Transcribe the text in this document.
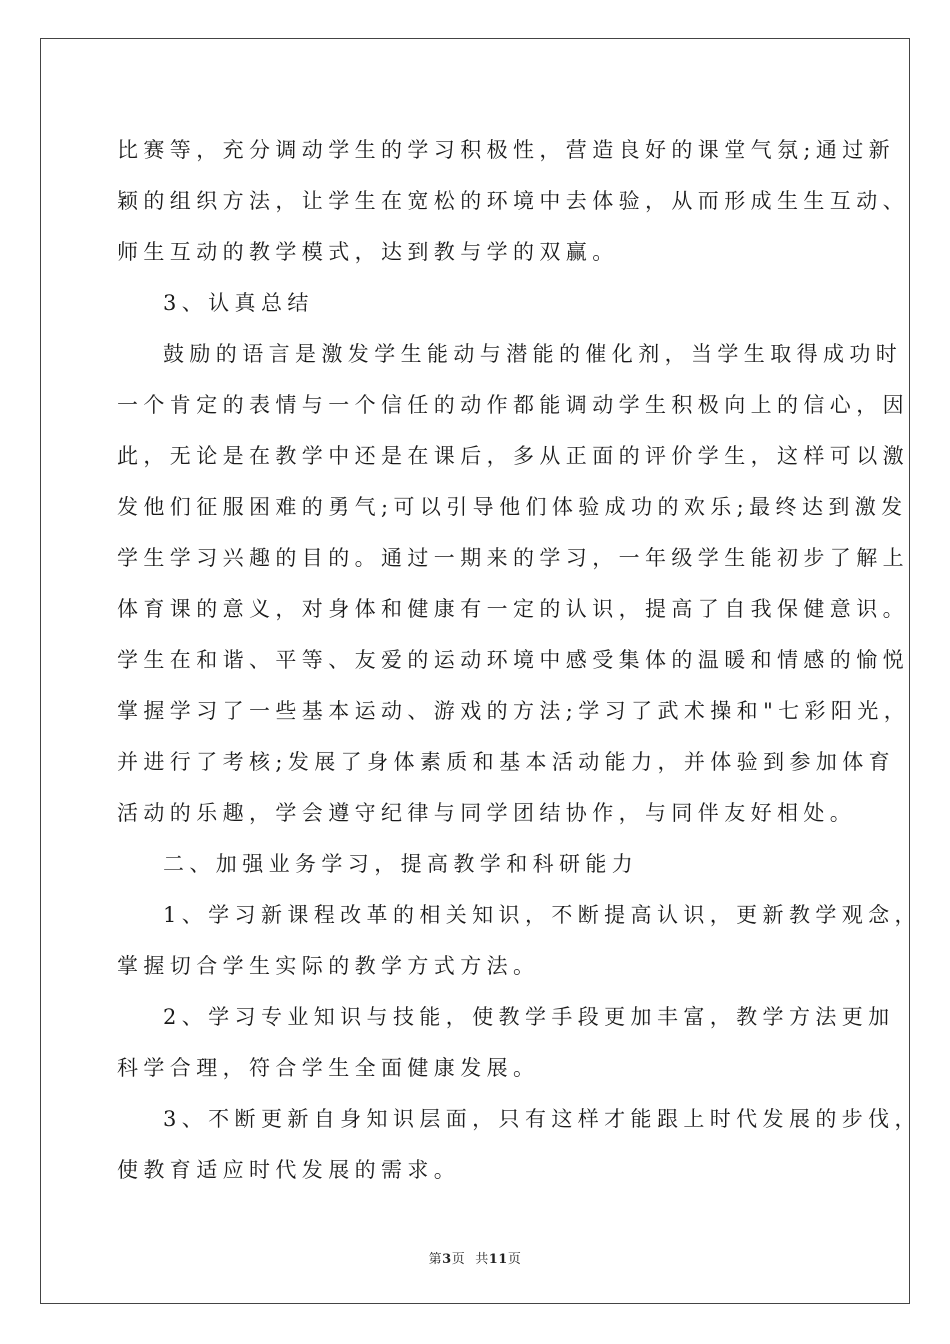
比赛等，充分调动学生的学习积极性，营造良好的课堂气氛;通过新
颖的组织方法，让学生在宽松的环境中去体验，从而形成生生互动、
师生互动的教学模式，达到教与学的双赢。
3、认真总结
鼓励的语言是激发学生能动与潜能的催化剂，当学生取得成功时
一个肯定的表情与一个信任的动作都能调动学生积极向上的信心，因
此，无论是在教学中还是在课后，多从正面的评价学生，这样可以激
发他们征服困难的勇气;可以引导他们体验成功的欢乐;最终达到激发
学生学习兴趣的目的。通过一期来的学习，一年级学生能初步了解上
体育课的意义，对身体和健康有一定的认识，提高了自我保健意识。
学生在和谐、平等、友爱的运动环境中感受集体的温暖和情感的愉悦
掌握学习了一些基本运动、游戏的方法;学习了武术操和"七彩阳光，
并进行了考核;发展了身体素质和基本活动能力，并体验到参加体育
活动的乐趣，学会遵守纪律与同学团结协作，与同伴友好相处。
二、加强业务学习，提高教学和科研能力
1、学习新课程改革的相关知识，不断提高认识，更新教学观念，
掌握切合学生实际的教学方式方法。
2、学习专业知识与技能，使教学手段更加丰富，教学方法更加
科学合理，符合学生全面健康发展。
3、不断更新自身知识层面，只有这样才能跟上时代发展的步伐，
使教育适应时代发展的需求。
第3页 共11页
